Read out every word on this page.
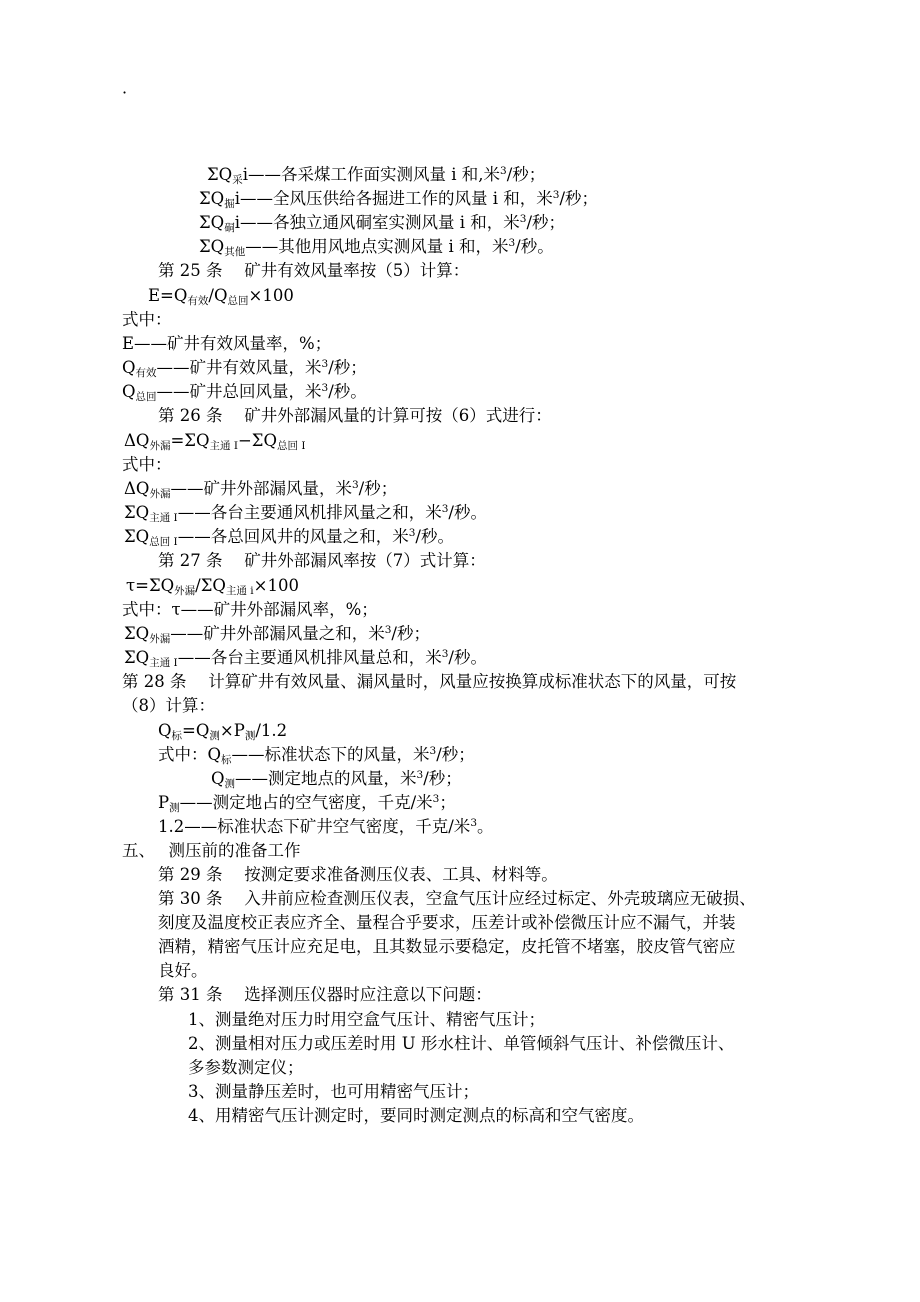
·
$\Sigma Q_采i——$各采煤工作面实测风量 i 和,米$^3$/秒；
$\Sigma Q_掘i——$全风压供给各掘进工作的风量 i 和，米$^3$/秒；
$\Sigma Q_硐i——$各独立通风硐室实测风量 i 和，米$^3$/秒；
$\Sigma Q_{其他}——$其他用风地点实测风量 i 和，米$^3$/秒。
第 25 条　 矿井有效风量率按（5）计算：
$E=Q_{有效}/Q_{总回}\times 100$
式中：
E——矿井有效风量率，%；
$Q_{有效}——$矿井有效风量，米$^3$/秒；
$Q_{总回}——$矿井总回风量，米$^3$/秒。
第 26 条　 矿井外部漏风量的计算可按（6）式进行：
$\Delta Q_{外漏}=\Sigma Q_{主通 I}-\Sigma Q_{总回 I}$
式中：
$\Delta Q_{外漏}——$矿井外部漏风量，米$^3$/秒；
$\Sigma Q_{主通 I}——$各台主要通风机排风量之和，米$^3$/秒。
$\Sigma Q_{总回 I}——$各总回风井的风量之和，米$^3$/秒。
第 27 条　 矿井外部漏风率按（7）式计算：
$\tau=\Sigma Q_{外漏}/\Sigma Q_{主通 i}\times 100$
式中：τ——矿井外部漏风率，%；
$\Sigma Q_{外漏}——$矿井外部漏风量之和，米$^3$/秒；
$\Sigma Q_{主通 I}——$各台主要通风机排风量总和，米$^3$/秒。
第 28 条　 计算矿井有效风量、漏风量时，风量应按换算成标准状态下的风量，可按
（8）计算：
$Q_标=Q_测\times P_测/1.2$
式中：$Q_标——$标准状态下的风量，米$^3$/秒；
$Q_测——$测定地点的风量，米$^3$/秒；
$P_测——$测定地占的空气密度，千克/米$^3$；
1.2——标准状态下矿井空气密度，千克/米$^3$。
五、　 测压前的准备工作
第 29 条　 按测定要求准备测压仪表、工具、材料等。
第 30 条　 入井前应检查测压仪表，空盒气压计应经过标定、外壳玻璃应无破损、
刻度及温度校正表应齐全、量程合乎要求，压差计或补偿微压计应不漏气，并装
酒精，精密气压计应充足电，且其数显示要稳定，皮托管不堵塞，胶皮管气密应
良好。
第 31 条　 选择测压仪器时应注意以下问题：
1、测量绝对压力时用空盒气压计、精密气压计；
2、测量相对压力或压差时用 U 形水柱计、单管倾斜气压计、补偿微压计、
多参数测定仪；
3、测量静压差时，也可用精密气压计；
4、用精密气压计测定时，要同时测定测点的标高和空气密度。
